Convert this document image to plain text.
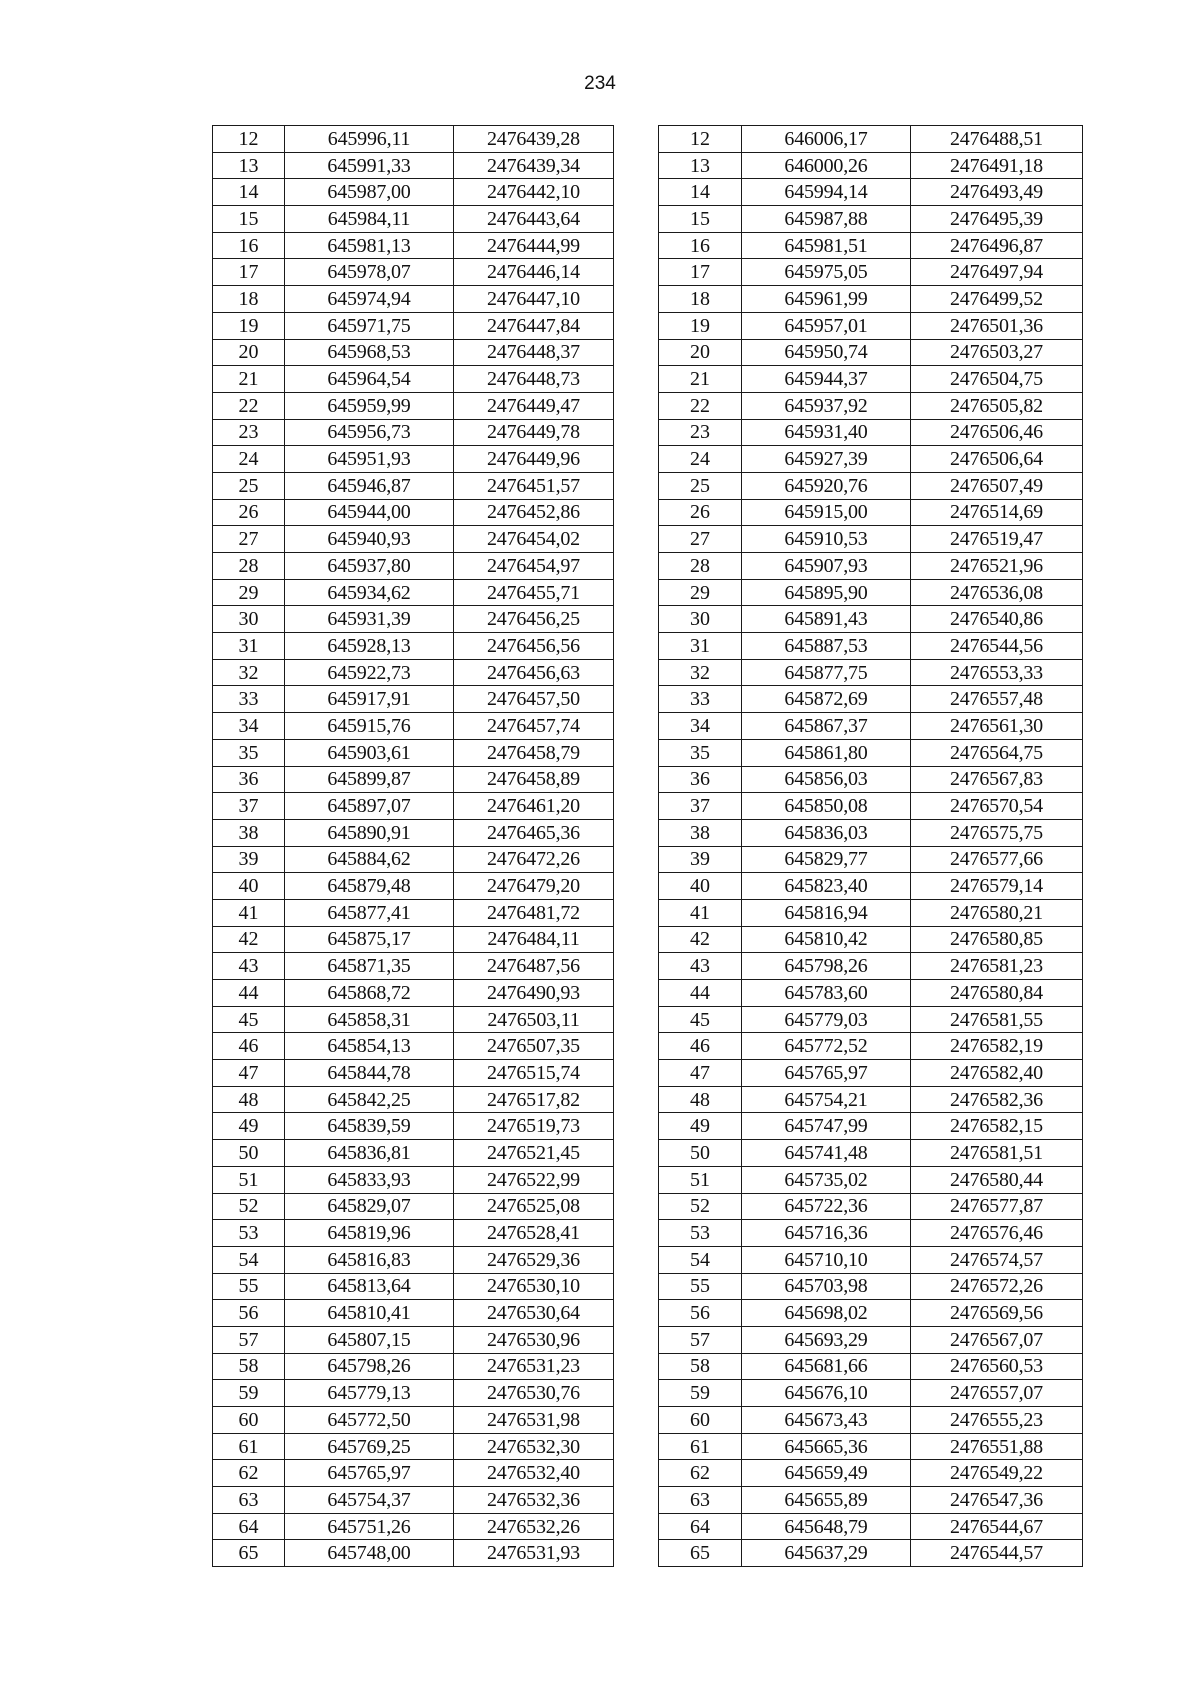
234
12	645996,11	2476439,28		12	646006,17	2476488,51
13	645991,33	2476439,34		13	646000,26	2476491,18
14	645987,00	2476442,10		14	645994,14	2476493,49
15	645984,11	2476443,64		15	645987,88	2476495,39
16	645981,13	2476444,99		16	645981,51	2476496,87
17	645978,07	2476446,14		17	645975,05	2476497,94
18	645974,94	2476447,10		18	645961,99	2476499,52
19	645971,75	2476447,84		19	645957,01	2476501,36
20	645968,53	2476448,37		20	645950,74	2476503,27
21	645964,54	2476448,73		21	645944,37	2476504,75
22	645959,99	2476449,47		22	645937,92	2476505,82
23	645956,73	2476449,78		23	645931,40	2476506,46
24	645951,93	2476449,96		24	645927,39	2476506,64
25	645946,87	2476451,57		25	645920,76	2476507,49
26	645944,00	2476452,86		26	645915,00	2476514,69
27	645940,93	2476454,02		27	645910,53	2476519,47
28	645937,80	2476454,97		28	645907,93	2476521,96
29	645934,62	2476455,71		29	645895,90	2476536,08
30	645931,39	2476456,25		30	645891,43	2476540,86
31	645928,13	2476456,56		31	645887,53	2476544,56
32	645922,73	2476456,63		32	645877,75	2476553,33
33	645917,91	2476457,50		33	645872,69	2476557,48
34	645915,76	2476457,74		34	645867,37	2476561,30
35	645903,61	2476458,79		35	645861,80	2476564,75
36	645899,87	2476458,89		36	645856,03	2476567,83
37	645897,07	2476461,20		37	645850,08	2476570,54
38	645890,91	2476465,36		38	645836,03	2476575,75
39	645884,62	2476472,26		39	645829,77	2476577,66
40	645879,48	2476479,20		40	645823,40	2476579,14
41	645877,41	2476481,72		41	645816,94	2476580,21
42	645875,17	2476484,11		42	645810,42	2476580,85
43	645871,35	2476487,56		43	645798,26	2476581,23
44	645868,72	2476490,93		44	645783,60	2476580,84
45	645858,31	2476503,11		45	645779,03	2476581,55
46	645854,13	2476507,35		46	645772,52	2476582,19
47	645844,78	2476515,74		47	645765,97	2476582,40
48	645842,25	2476517,82		48	645754,21	2476582,36
49	645839,59	2476519,73		49	645747,99	2476582,15
50	645836,81	2476521,45		50	645741,48	2476581,51
51	645833,93	2476522,99		51	645735,02	2476580,44
52	645829,07	2476525,08		52	645722,36	2476577,87
53	645819,96	2476528,41		53	645716,36	2476576,46
54	645816,83	2476529,36		54	645710,10	2476574,57
55	645813,64	2476530,10		55	645703,98	2476572,26
56	645810,41	2476530,64		56	645698,02	2476569,56
57	645807,15	2476530,96		57	645693,29	2476567,07
58	645798,26	2476531,23		58	645681,66	2476560,53
59	645779,13	2476530,76		59	645676,10	2476557,07
60	645772,50	2476531,98		60	645673,43	2476555,23
61	645769,25	2476532,30		61	645665,36	2476551,88
62	645765,97	2476532,40		62	645659,49	2476549,22
63	645754,37	2476532,36		63	645655,89	2476547,36
64	645751,26	2476532,26		64	645648,79	2476544,67
65	645748,00	2476531,93		65	645637,29	2476544,57
